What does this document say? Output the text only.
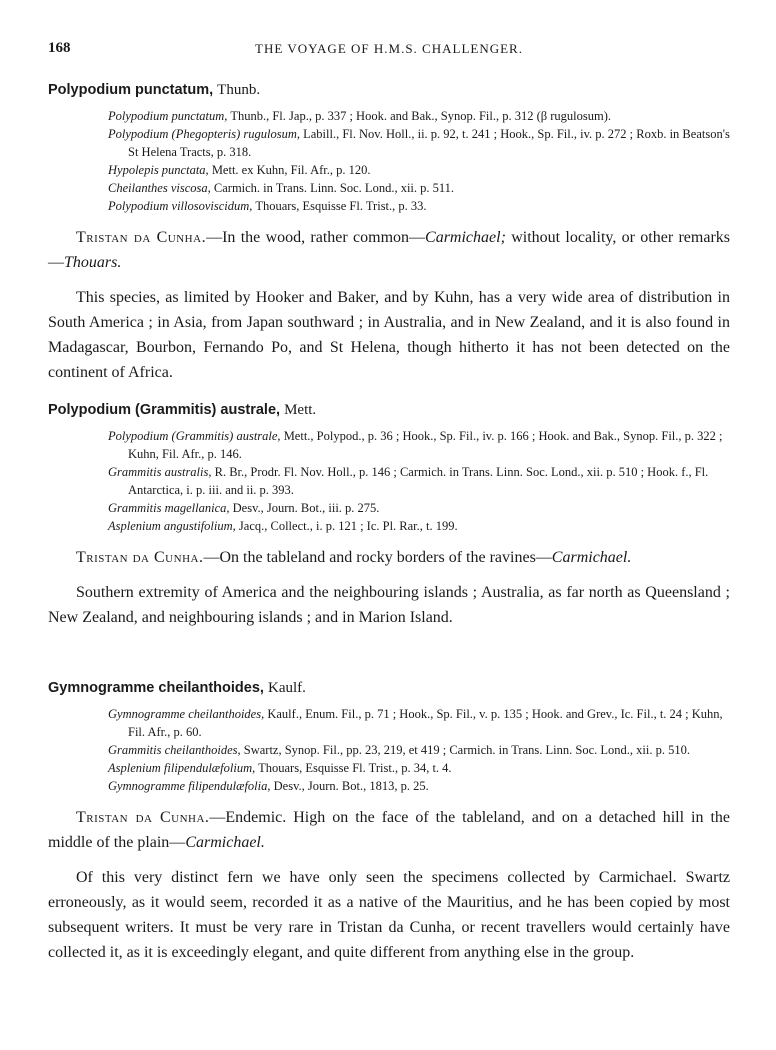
168	THE VOYAGE OF H.M.S. CHALLENGER.
Polypodium punctatum, Thunb.

Polypodium punctatum, Thunb., Fl. Jap., p. 337 ; Hook. and Bak., Synop. Fil., p. 312 (β rugulosum).

Polypodium (Phegopteris) rugulosum, Labill., Fl. Nov. Holl., ii. p. 92, t. 241 ; Hook., Sp. Fil., iv. p. 272 ; Roxb. in Beatson's St Helena Tracts, p. 318.

Hypolepis punctata, Mett. ex Kuhn, Fil. Afr., p. 120.

Cheilanthes viscosa, Carmich. in Trans. Linn. Soc. Lond., xii. p. 511.

Polypodium villosoviscidum, Thouars, Esquisse Fl. Trist., p. 33.

Tristan da Cunha.—In the wood, rather common—Carmichael; without locality, or other remarks—Thouars.

This species, as limited by Hooker and Baker, and by Kuhn, has a very wide area of distribution in South America ; in Asia, from Japan southward ; in Australia, and in New Zealand, and it is also found in Madagascar, Bourbon, Fernando Po, and St Helena, though hitherto it has not been detected on the continent of Africa.

Polypodium (Grammitis) australe, Mett.

Polypodium (Grammitis) australe, Mett., Polypod., p. 36 ; Hook., Sp. Fil., iv. p. 166 ; Hook. and Bak., Synop. Fil., p. 322 ; Kuhn, Fil. Afr., p. 146.

Grammitis australis, R. Br., Prodr. Fl. Nov. Holl., p. 146 ; Carmich. in Trans. Linn. Soc. Lond., xii. p. 510 ; Hook. f., Fl. Antarctica, i. p. iii. and ii. p. 393.

Grammitis magellanica, Desv., Journ. Bot., iii. p. 275.

Asplenium angustifolium, Jacq., Collect., i. p. 121 ; Ic. Pl. Rar., t. 199.

Tristan da Cunha.—On the tableland and rocky borders of the ravines—Carmichael.

Southern extremity of America and the neighbouring islands ; Australia, as far north as Queensland ; New Zealand, and neighbouring islands ; and in Marion Island.

Gymnogramme cheilanthoides, Kaulf.

Gymnogramme cheilanthoides, Kaulf., Enum. Fil., p. 71 ; Hook., Sp. Fil., v. p. 135 ; Hook. and Grev., Ic. Fil., t. 24 ; Kuhn, Fil. Afr., p. 60.

Grammitis cheilanthoides, Swartz, Synop. Fil., pp. 23, 219, et 419 ; Carmich. in Trans. Linn. Soc. Lond., xii. p. 510.

Asplenium filipendulæfolium, Thouars, Esquisse Fl. Trist., p. 34, t. 4.

Gymnogramme filipendulæfolia, Desv., Journ. Bot., 1813, p. 25.

Tristan da Cunha.—Endemic. High on the face of the tableland, and on a detached hill in the middle of the plain—Carmichael.

Of this very distinct fern we have only seen the specimens collected by Carmichael. Swartz erroneously, as it would seem, recorded it as a native of the Mauritius, and he has been copied by most subsequent writers. It must be very rare in Tristan da Cunha, or recent travellers would certainly have collected it, as it is exceedingly elegant, and quite different from anything else in the group.
